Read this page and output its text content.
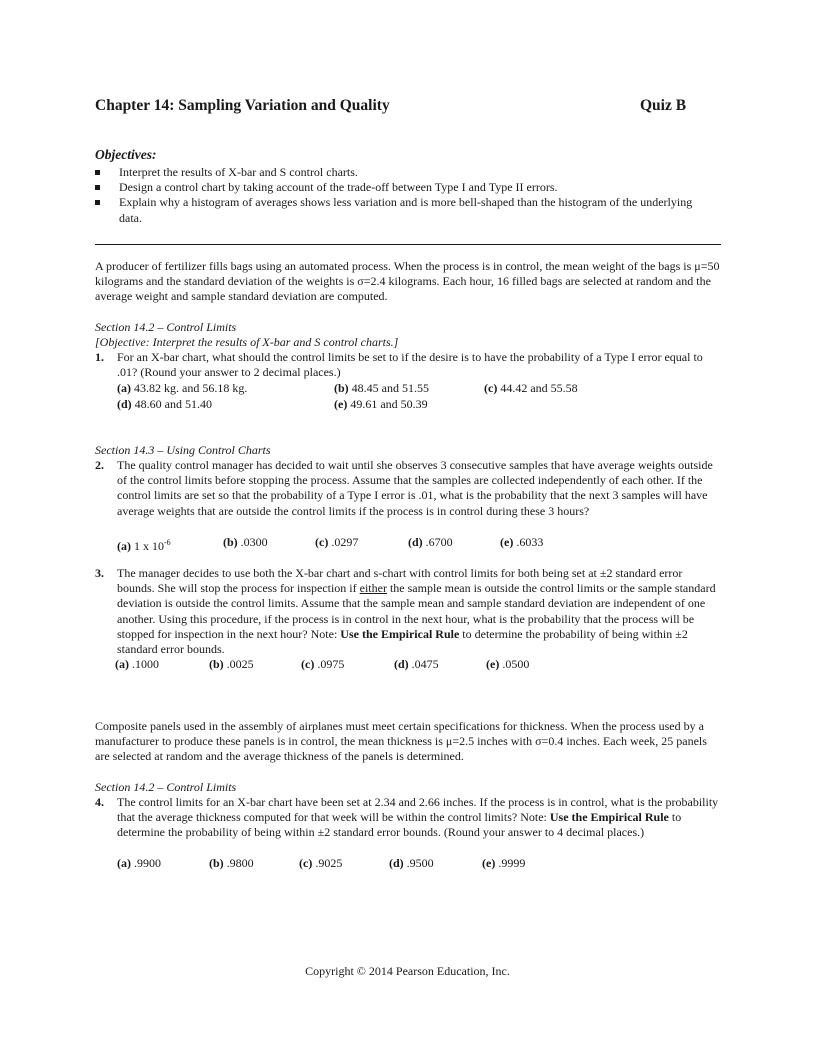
Chapter 14: Sampling Variation and Quality	Quiz B
Objectives:
Interpret the results of X-bar and S control charts.
Design a control chart by taking account of the trade-off between Type I and Type II errors.
Explain why a histogram of averages shows less variation and is more bell-shaped than the histogram of the underlying data.
A producer of fertilizer fills bags using an automated process. When the process is in control, the mean weight of the bags is μ=50 kilograms and the standard deviation of the weights is σ=2.4 kilograms. Each hour, 16 filled bags are selected at random and the average weight and sample standard deviation are computed.
Section 14.2 – Control Limits
[Objective: Interpret the results of X-bar and S control charts.]
1. For an X-bar chart, what should the control limits be set to if the desire is to have the probability of a Type I error equal to .01? (Round your answer to 2 decimal places.)
(a) 43.82 kg. and 56.18 kg.	(b) 48.45 and 51.55	(c) 44.42 and 55.58
(d) 48.60 and 51.40	(e) 49.61 and 50.39
Section 14.3 – Using Control Charts
2. The quality control manager has decided to wait until she observes 3 consecutive samples that have average weights outside of the control limits before stopping the process. Assume that the samples are collected independently of each other. If the control limits are set so that the probability of a Type I error is .01, what is the probability that the next 3 samples will have average weights that are outside the control limits if the process is in control during these 3 hours?
(a) 1 x $10^{-6}$	(b) .0300	(c) .0297	(d) .6700	(e) .6033
3. The manager decides to use both the X-bar chart and s-chart with control limits for both being set at ±2 standard error bounds. She will stop the process for inspection if either the sample mean is outside the control limits or the sample standard deviation is outside the control limits. Assume that the sample mean and sample standard deviation are independent of one another. Using this procedure, if the process is in control in the next hour, what is the probability that the process will be stopped for inspection in the next hour? Note: Use the Empirical Rule to determine the probability of being within ±2 standard error bounds.
(a) .1000	(b) .0025	(c) .0975	(d) .0475	(e) .0500
Composite panels used in the assembly of airplanes must meet certain specifications for thickness. When the process used by a manufacturer to produce these panels is in control, the mean thickness is μ=2.5 inches with σ=0.4 inches. Each week, 25 panels are selected at random and the average thickness of the panels is determined.
Section 14.2 – Control Limits
4. The control limits for an X-bar chart have been set at 2.34 and 2.66 inches. If the process is in control, what is the probability that the average thickness computed for that week will be within the control limits? Note: Use the Empirical Rule to determine the probability of being within ±2 standard error bounds. (Round your answer to 4 decimal places.)
(a) .9900	(b) .9800	(c) .9025	(d) .9500	(e) .9999
Copyright © 2014 Pearson Education, Inc.
